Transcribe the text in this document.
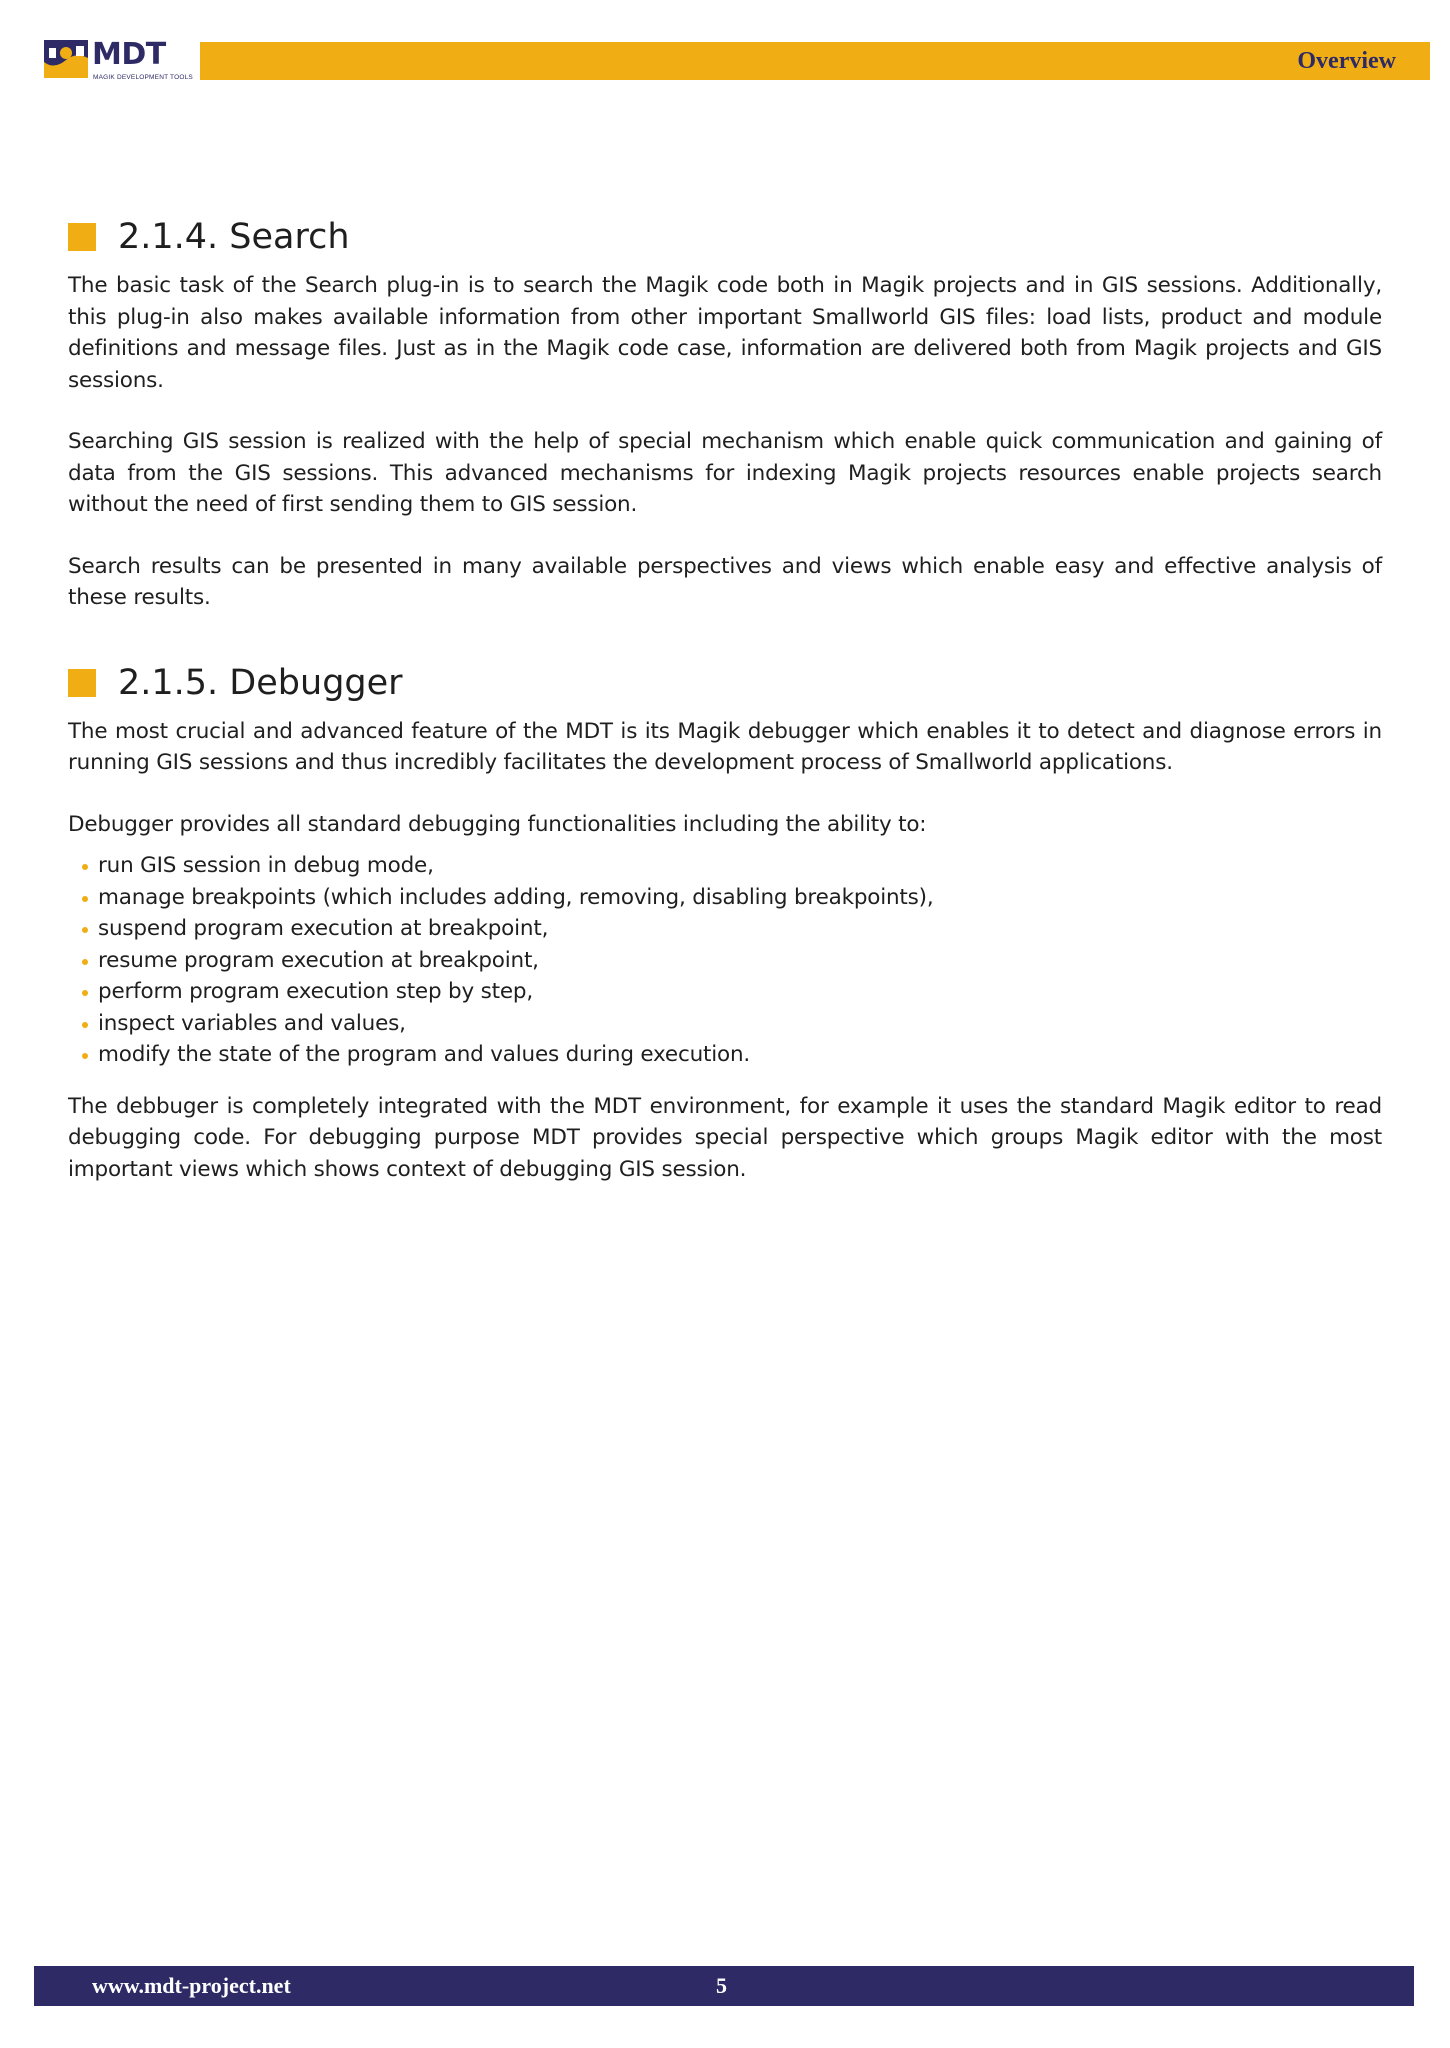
MDT
MAGIK DEVELOPMENT TOOLS
Overview
2.1.4. Search

The basic task of the Search plug-in is to search the Magik code both in Magik projects and in GIS sessions. Additionally, this plug-in also makes available information from other important Smallworld GIS files: load lists, product and module definitions and message files. Just as in the Magik code case, information are delivered both from Magik projects and GIS sessions.

Searching GIS session is realized with the help of special mechanism which enable quick communication and gaining of data from the GIS sessions. This advanced mechanisms for indexing Magik projects resources enable projects search without the need of first sending them to GIS session.

Search results can be presented in many available perspectives and views which enable easy and effective analysis of these results.

2.1.5. Debugger

The most crucial and advanced feature of the MDT is its Magik debugger which enables it to detect and diagnose errors in running GIS sessions and thus incredibly facilitates the development process of Smallworld applications.

Debugger provides all standard debugging functionalities including the ability to:

run GIS session in debug mode,
manage breakpoints (which includes adding, removing, disabling breakpoints),
suspend program execution at breakpoint,
resume program execution at breakpoint,
perform program execution step by step,
inspect variables and values,
modify the state of the program and values during execution.

The debbuger is completely integrated with the MDT environment, for example it uses the standard Magik editor to read debugging code. For debugging purpose MDT provides special perspective which groups Magik editor with the most important views which shows context of debugging GIS session.

www.mdt-project.net	5
